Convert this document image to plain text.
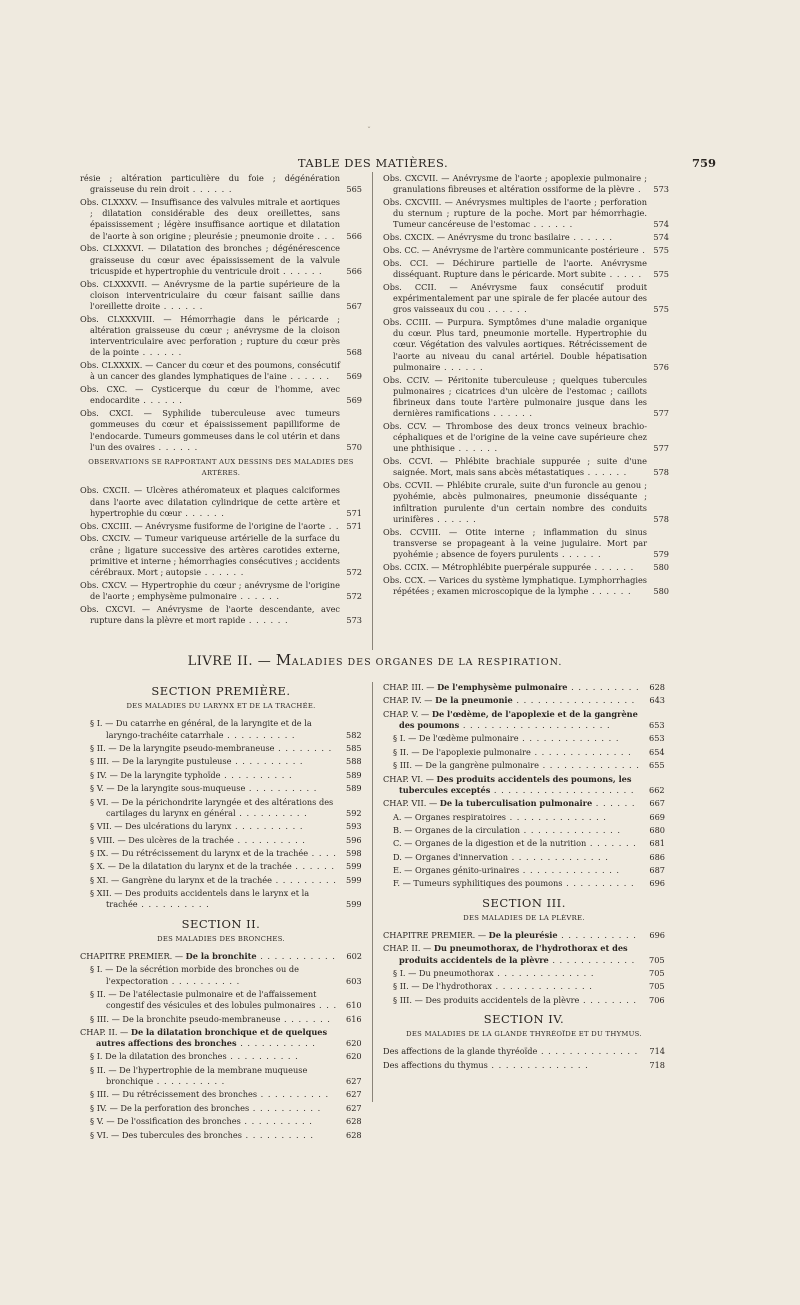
TABLE DES MATIÈRES.	759
résie ; altération particulière du foie ; dégénération graisseuse du rein droit . . . . . .	565
Obs. CLXXXV. — Insuffisance des valvules mitrale et aortiques ; dilatation considérable des deux oreillettes, sans épaississement ; légère insuffisance aortique et dilatation de l'aorte à son origine ; pleurésie ; pneumonie droite . . . 566
Obs. CLXXXVI. — Dilatation des bronches ; dégénérescence graisseuse du cœur avec épaississement de la valvule tricuspide et hypertrophie du ventricule droit . . . . . .	566
Obs. CLXXXVII. — Anévrysme de la partie supérieure de la cloison interventriculaire du cœur faisant saillie dans l'oreillette droite . . . . . .	567
Obs. CLXXXVIII. — Hémorrhagie dans le péricarde ; altération graisseuse du cœur ; anévrysme de la cloison interventriculaire avec perforation ; rupture du cœur près de la pointe . . . . . .	568
Obs. CLXXXIX. — Cancer du cœur et des poumons, consécutif à un cancer des glandes lymphatiques de l'aine . . . . . . 569
Obs. CXC. — Cysticerque du cœur de l'homme, avec endocardite . . . . . .	569
Obs. CXCI. — Syphilide tuberculeuse avec tumeurs gommeuses du cœur et épaississement papilliforme de l'endocarde. Tumeurs gommeuses dans le col utérin et dans l'un des ovaires . . . . . .	570
OBSERVATIONS SE RAPPORTANT AUX DESSINS DES MALADIES DES ARTÈRES.
Obs. CXCII. — Ulcères athéromateux et plaques calciformes dans l'aorte avec dilatation cylindrique de cette artère et hypertrophie du cœur . . . . . .	571
Obs. CXCIII. — Anévrysme fusiforme de l'origine de l'aorte . . 571
Obs. CXCIV. — Tumeur variqueuse artérielle de la surface du crâne ; ligature successive des artères carotides externe, primitive et interne ; hémorrhagies consécutives ; accidents cérébraux. Mort ; autopsie . . . . . .	572
Obs. CXCV. — Hypertrophie du cœur ; anévrysme de l'origine de l'aorte ; emphysème pulmonaire . . . . . .	572
Obs. CXCVI. — Anévrysme de l'aorte descendante, avec rupture dans la plèvre et mort rapide . . . . . .	573
Obs. CXCVII. — Anévrysme de l'aorte ; apoplexie pulmonaire ; granulations fibreuses et altération ossiforme de la plèvre . 573
Obs. CXCVIII. — Anévrysmes multiples de l'aorte ; perforation du sternum ; rupture de la poche. Mort par hémorrhagie. Tumeur cancéreuse de l'estomac . . . . . .	574
Obs. CXCIX. — Anévrysme du tronc basilaire . . . . . .	574
Obs. CC. — Anévrysme de l'artère communicante postérieure . 575
Obs. CCI. — Déchirure partielle de l'aorte. Anévrysme disséquant. Rupture dans le péricarde. Mort subite . . . . . 575
Obs. CCII. — Anévrysme faux consécutif produit expérimentalement par une spirale de fer placée autour des gros vaisseaux du cou . . . . . .	575
Obs. CCIII. — Purpura. Symptômes d'une maladie organique du cœur. Plus tard, pneumonie mortelle. Hypertrophie du cœur. Végétation des valvules aortiques. Rétrécissement de l'aorte au niveau du canal artériel. Double hépatisation pulmonaire . . . . . .	576
Obs. CCIV. — Péritonite tuberculeuse ; quelques tubercules pulmonaires ; cicatrices d'un ulcère de l'estomac ; caillots fibrineux dans toute l'artère pulmonaire jusque dans les dernières ramifications . . . . . .	577
Obs. CCV. — Thrombose des deux troncs veineux brachio-céphaliques et de l'origine de la veine cave supérieure chez une phthisique . . . . . .	577
Obs. CCVI. — Phlébite brachiale suppurée ; suite d'une saignée. Mort, mais sans abcès métastatiques . . . . . .	578
Obs. CCVII. — Phlébite crurale, suite d'un furoncle au genou ; pyohémie, abcès pulmonaires, pneumonie disséquante ; infiltration purulente d'un certain nombre des conduits urinifères . . . . . .	578
Obs. CCVIII. — Otite interne ; inflammation du sinus transverse se propageant à la veine jugulaire. Mort par pyohémie ; absence de foyers purulents . . . . . .	579
Obs. CCIX. — Métrophlébite puerpérale suppurée . . . . . . 580
Obs. CCX. — Varices du système lymphatique. Lymphorrhagies répétées ; examen microscopique de la lymphe . . . . . .	580
LIVRE II. — MALADIES DES ORGANES DE LA RESPIRATION.
SECTION PREMIÈRE.
DES MALADIES DU LARYNX ET DE LA TRACHÉE.
§ I. — Du catarrhe en général, de la laryngite et de la laryngo-trachéite catarrhale . . . . . . . . . .	582
§ II. — De la laryngite pseudo-membraneuse . . . . . . . . 585
§ III. — De la laryngite pustuleuse . . . . . . . . . .	588
§ IV. — De la laryngite typhoïde . . . . . . . . . .	589
§ V. — De la laryngite sous-muqueuse . . . . . . . . . .	589
§ VI. — De la périchondrite laryngée et des altérations des cartilages du larynx en général . . . . . . . . . .	592
§ VII. — Des ulcérations du larynx . . . . . . . . . .	593
§ VIII. — Des ulcères de la trachée . . . . . . . . . .	596
§ IX. — Du rétrécissement du larynx et de la trachée . . . . 598
§ X. — De la dilatation du larynx et de la trachée . . . . . . 599
§ XI. — Gangrène du larynx et de la trachée . . . . . . . . . 599
§ XII. — Des produits accidentels dans le larynx et la trachée . . . . . . . . . .	599
SECTION II.
DES MALADIES DES BRONCHES.
CHAPITRE PREMIER. — De la bronchite . . . . . . . . . . . 602
§ I. — De la sécrétion morbide des bronches ou de l'expectoration . . . . . . . . . .	603
§ II. — De l'atélectasie pulmonaire et de l'affaissement congestif des vésicules et des lobules pulmonaires . . . 610
§ III. — De la bronchite pseudo-membraneuse . . . . . . . 616
CHAP. II. — De la dilatation bronchique et de quelques autres affections des bronches . . . . . . . . . . .	620
§ I. De la dilatation des bronches . . . . . . . . . .	620
§ II. — De l'hypertrophie de la membrane muqueuse bronchique . . . . . . . . . .	627
§ III. — Du rétrécissement des bronches . . . . . . . . . . 627
§ IV. — De la perforation des bronches . . . . . . . . . .	627
§ V. — De l'ossification des bronches . . . . . . . . . .	628
§ VI. — Des tubercules des bronches . . . . . . . . . .	628
CHAP. III. — De l'emphysème pulmonaire . . . . . . . . . . 628
CHAP. IV. — De la pneumonie . . . . . . . . . . . . . . . . . 643
CHAP. V. — De l'œdème, de l'apoplexie et de la gangrène des poumons . . . . . . . . . . . . . . . . . . . . .	653
§ I. — De l'œdème pulmonaire . . . . . . . . . . . . . .	653
§ II. — De l'apoplexie pulmonaire . . . . . . . . . . . . . . 654
§ III. — De la gangrène pulmonaire . . . . . . . . . . . . . . 655
CHAP. VI. — Des produits accidentels des poumons, les tubercules exceptés . . . . . . . . . . . . . . . . . . . . 662
CHAP. VII. — De la tuberculisation pulmonaire . . . . . . 667
A. — Organes respiratoires . . . . . . . . . . . . . .	669
B. — Organes de la circulation . . . . . . . . . . . . . .	680
C. — Organes de la digestion et de la nutrition . . . . . . . 681
D. — Organes d'innervation . . . . . . . . . . . . . .	686
E. — Organes génito-urinaires . . . . . . . . . . . . . .	687
F. — Tumeurs syphilitiques des poumons . . . . . . . . . . 696
SECTION III.
DES MALADIES DE LA PLÈVRE.
CHAPITRE PREMIER. — De la pleurésie . . . . . . . . . . . 696
CHAP. II. — Du pneumothorax, de l'hydrothorax et des produits accidentels de la plèvre . . . . . . . . . . . . 705
§ I. — Du pneumothorax . . . . . . . . . . . . . .	705
§ II. — De l'hydrothorax . . . . . . . . . . . . . .	705
§ III. — Des produits accidentels de la plèvre . . . . . . . . 706
SECTION IV.
DES MALADIES DE LA GLANDE THYRÉOÏDE ET DU THYMUS.
Des affections de la glande thyréoïde . . . . . . . . . . . . . . 714
Des affections du thymus . . . . . . . . . . . . . .	718
ˇ
